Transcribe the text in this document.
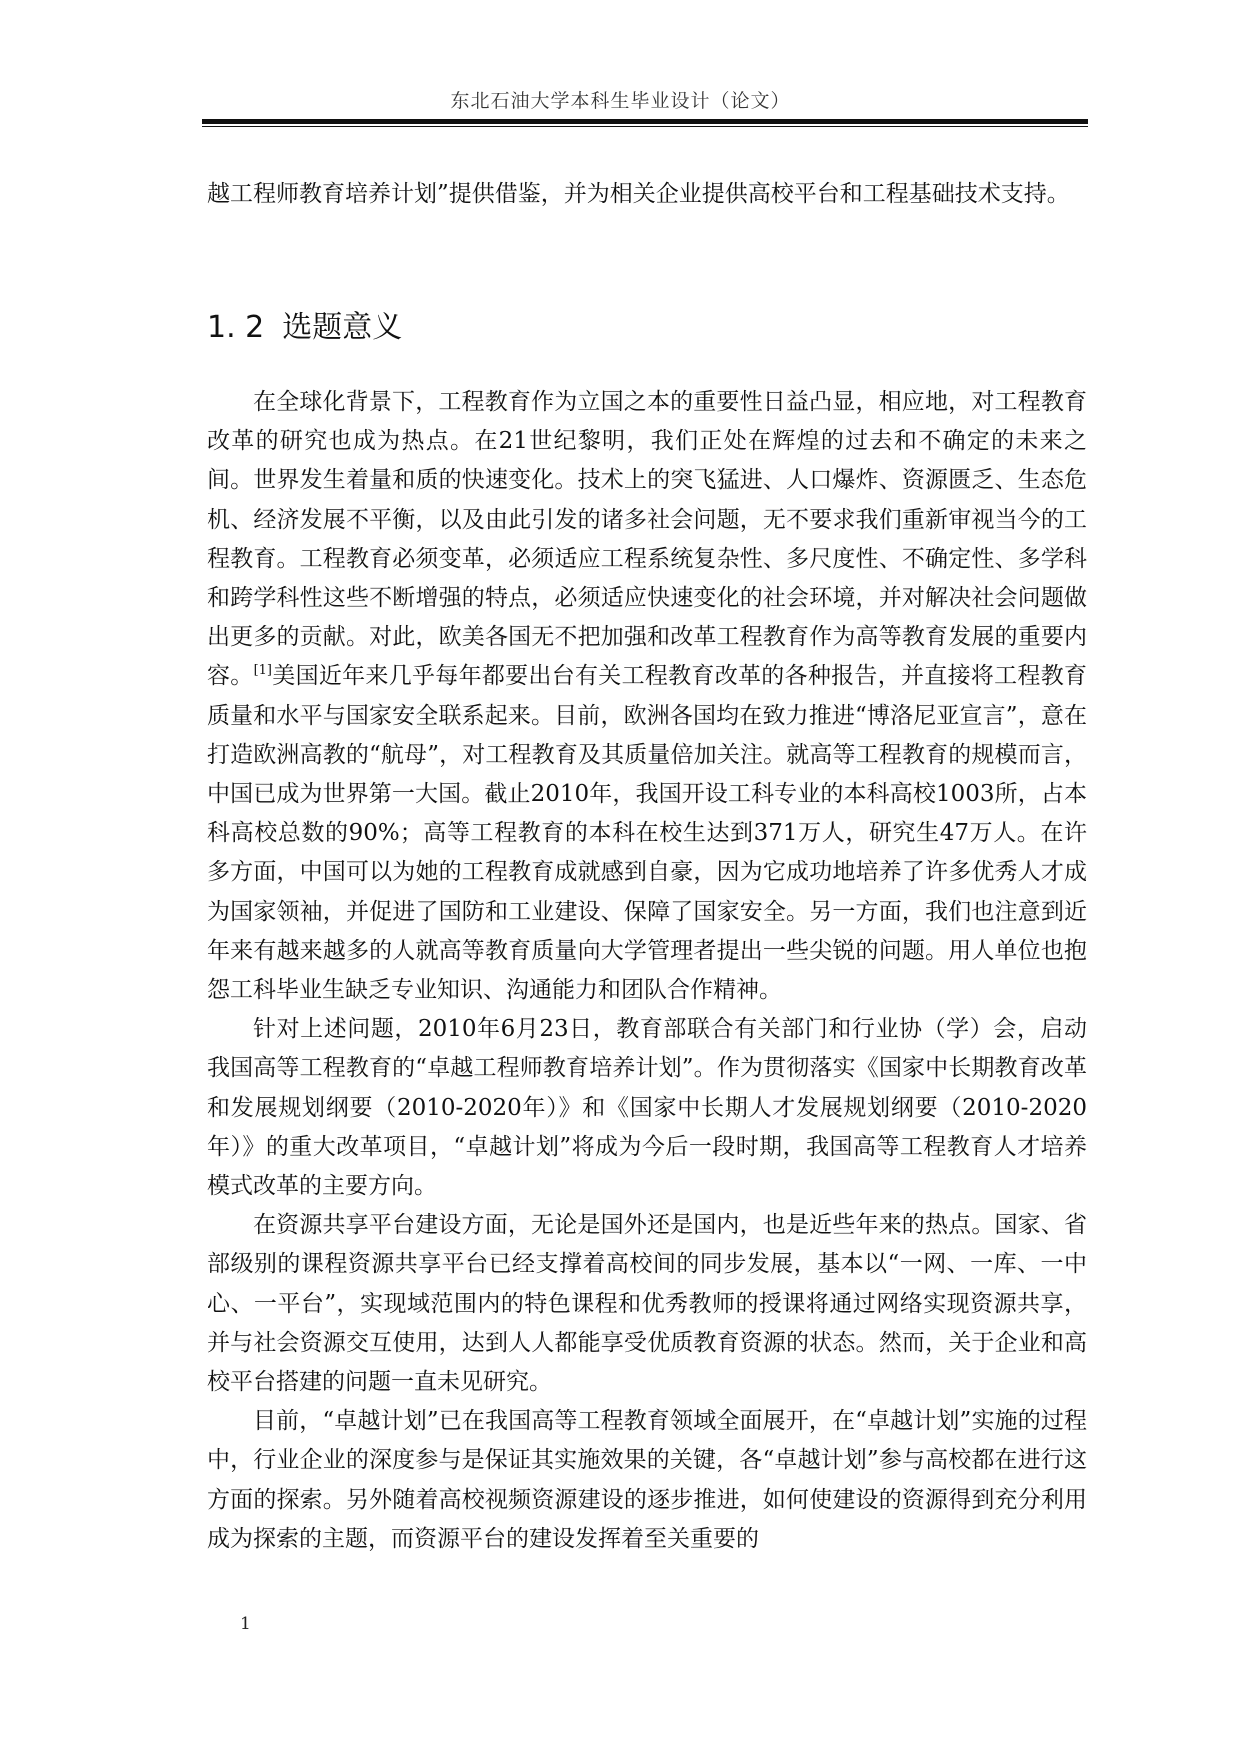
东北石油大学本科生毕业设计（论文）

越工程师教育培养计划”提供借鉴，并为相关企业提供高校平台和工程基础技术支持。

1. 2 选题意义

在全球化背景下，工程教育作为立国之本的重要性日益凸显，相应地，对工程教育改革的研究也成为热点。在21世纪黎明，我们正处在辉煌的过去和不确定的未来之间。世界发生着量和质的快速变化。技术上的突飞猛进、人口爆炸、资源匮乏、生态危机、经济发展不平衡，以及由此引发的诸多社会问题，无不要求我们重新审视当今的工程教育。工程教育必须变革，必须适应工程系统复杂性、多尺度性、不确定性、多学科和跨学科性这些不断增强的特点，必须适应快速变化的社会环境，并对解决社会问题做出更多的贡献。对此，欧美各国无不把加强和改革工程教育作为高等教育发展的重要内容。[1]美国近年来几乎每年都要出台有关工程教育改革的各种报告，并直接将工程教育质量和水平与国家安全联系起来。目前，欧洲各国均在致力推进“博洛尼亚宣言”，意在打造欧洲高教的“航母”，对工程教育及其质量倍加关注。就高等工程教育的规模而言，中国已成为世界第一大国。截止2010年，我国开设工科专业的本科高校1003所，占本科高校总数的90%；高等工程教育的本科在校生达到371万人，研究生47万人。在许多方面，中国可以为她的工程教育成就感到自豪，因为它成功地培养了许多优秀人才成为国家领袖，并促进了国防和工业建设、保障了国家安全。另一方面，我们也注意到近年来有越来越多的人就高等教育质量向大学管理者提出一些尖锐的问题。用人单位也抱怨工科毕业生缺乏专业知识、沟通能力和团队合作精神。

针对上述问题，2010年6月23日，教育部联合有关部门和行业协（学）会，启动我国高等工程教育的“卓越工程师教育培养计划”。作为贯彻落实《国家中长期教育改革和发展规划纲要（2010-2020年）》和《国家中长期人才发展规划纲要（2010-2020年）》的重大改革项目，“卓越计划”将成为今后一段时期，我国高等工程教育人才培养模式改革的主要方向。

在资源共享平台建设方面，无论是国外还是国内，也是近些年来的热点。国家、省部级别的课程资源共享平台已经支撑着高校间的同步发展，基本以“一网、一库、一中心、一平台”，实现域范围内的特色课程和优秀教师的授课将通过网络实现资源共享，并与社会资源交互使用，达到人人都能享受优质教育资源的状态。然而，关于企业和高校平台搭建的问题一直未见研究。

目前，“卓越计划”已在我国高等工程教育领域全面展开，在“卓越计划”实施的过程中，行业企业的深度参与是保证其实施效果的关键，各“卓越计划”参与高校都在进行这方面的探索。另外随着高校视频资源建设的逐步推进，如何使建设的资源得到充分利用成为探索的主题，而资源平台的建设发挥着至关重要的

1
